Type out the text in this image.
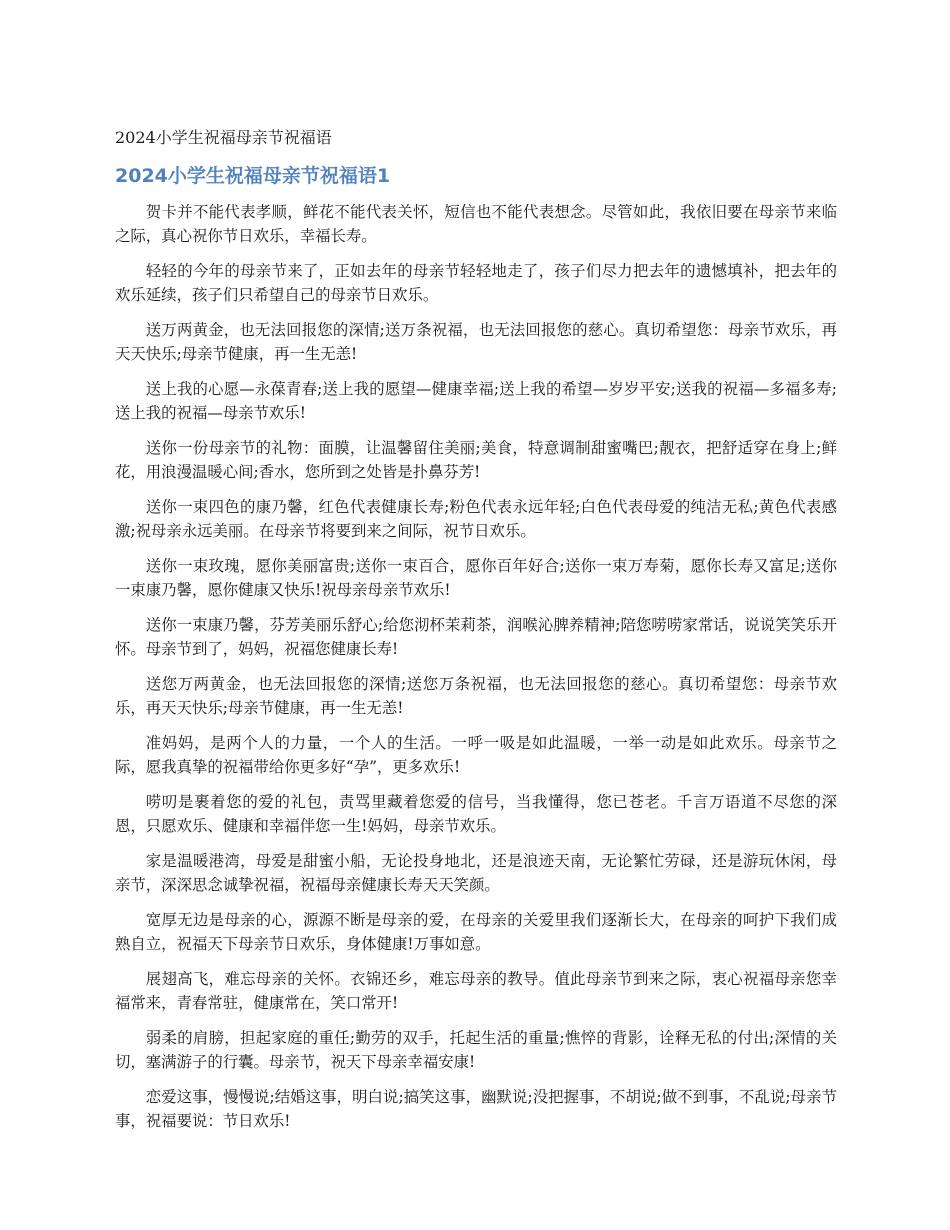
2024小学生祝福母亲节祝福语
2024小学生祝福母亲节祝福语1

贺卡并不能代表孝顺，鲜花不能代表关怀，短信也不能代表想念。尽管如此，我依旧要在母亲节来临之际，真心祝你节日欢乐，幸福长寿。

轻轻的今年的母亲节来了，正如去年的母亲节轻轻地走了，孩子们尽力把去年的遗憾填补，把去年的欢乐延续，孩子们只希望自己的母亲节日欢乐。

送万两黄金，也无法回报您的深情;送万条祝福，也无法回报您的慈心。真切希望您：母亲节欢乐，再天天快乐;母亲节健康，再一生无恙!

送上我的心愿—永葆青春;送上我的愿望—健康幸福;送上我的希望—岁岁平安;送我的祝福—多福多寿;送上我的祝福—母亲节欢乐!

送你一份母亲节的礼物：面膜，让温馨留住美丽;美食，特意调制甜蜜嘴巴;靓衣，把舒适穿在身上;鲜花，用浪漫温暖心间;香水，您所到之处皆是扑鼻芬芳!

送你一束四色的康乃馨，红色代表健康长寿;粉色代表永远年轻;白色代表母爱的纯洁无私;黄色代表感激;祝母亲永远美丽。在母亲节将要到来之间际，祝节日欢乐。

送你一束玫瑰，愿你美丽富贵;送你一束百合，愿你百年好合;送你一束万寿菊，愿你长寿又富足;送你一束康乃馨，愿你健康又快乐!祝母亲母亲节欢乐!

送你一束康乃馨，芬芳美丽乐舒心;给您沏杯茉莉茶，润喉沁脾养精神;陪您唠唠家常话，说说笑笑乐开怀。母亲节到了，妈妈，祝福您健康长寿!

送您万两黄金，也无法回报您的深情;送您万条祝福，也无法回报您的慈心。真切希望您：母亲节欢乐，再天天快乐;母亲节健康，再一生无恙!

准妈妈，是两个人的力量，一个人的生活。一呼一吸是如此温暖，一举一动是如此欢乐。母亲节之际，愿我真挚的祝福带给你更多好“孕”，更多欢乐!

唠叨是裹着您的爱的礼包，责骂里藏着您爱的信号，当我懂得，您已苍老。千言万语道不尽您的深恩，只愿欢乐、健康和幸福伴您一生!妈妈，母亲节欢乐。

家是温暖港湾，母爱是甜蜜小船，无论投身地北，还是浪迹天南，无论繁忙劳碌，还是游玩休闲，母亲节，深深思念诚挚祝福，祝福母亲健康长寿天天笑颜。

宽厚无边是母亲的心，源源不断是母亲的爱，在母亲的关爱里我们逐渐长大，在母亲的呵护下我们成熟自立，祝福天下母亲节日欢乐，身体健康!万事如意。

展翅高飞，难忘母亲的关怀。衣锦还乡，难忘母亲的教导。值此母亲节到来之际，衷心祝福母亲您幸福常来，青春常驻，健康常在，笑口常开!

弱柔的肩膀，担起家庭的重任;勤劳的双手，托起生活的重量;憔悴的背影，诠释无私的付出;深情的关切，塞满游子的行囊。母亲节，祝天下母亲幸福安康!

恋爱这事，慢慢说;结婚这事，明白说;搞笑这事，幽默说;没把握事，不胡说;做不到事，不乱说;母亲节事，祝福要说：节日欢乐!
